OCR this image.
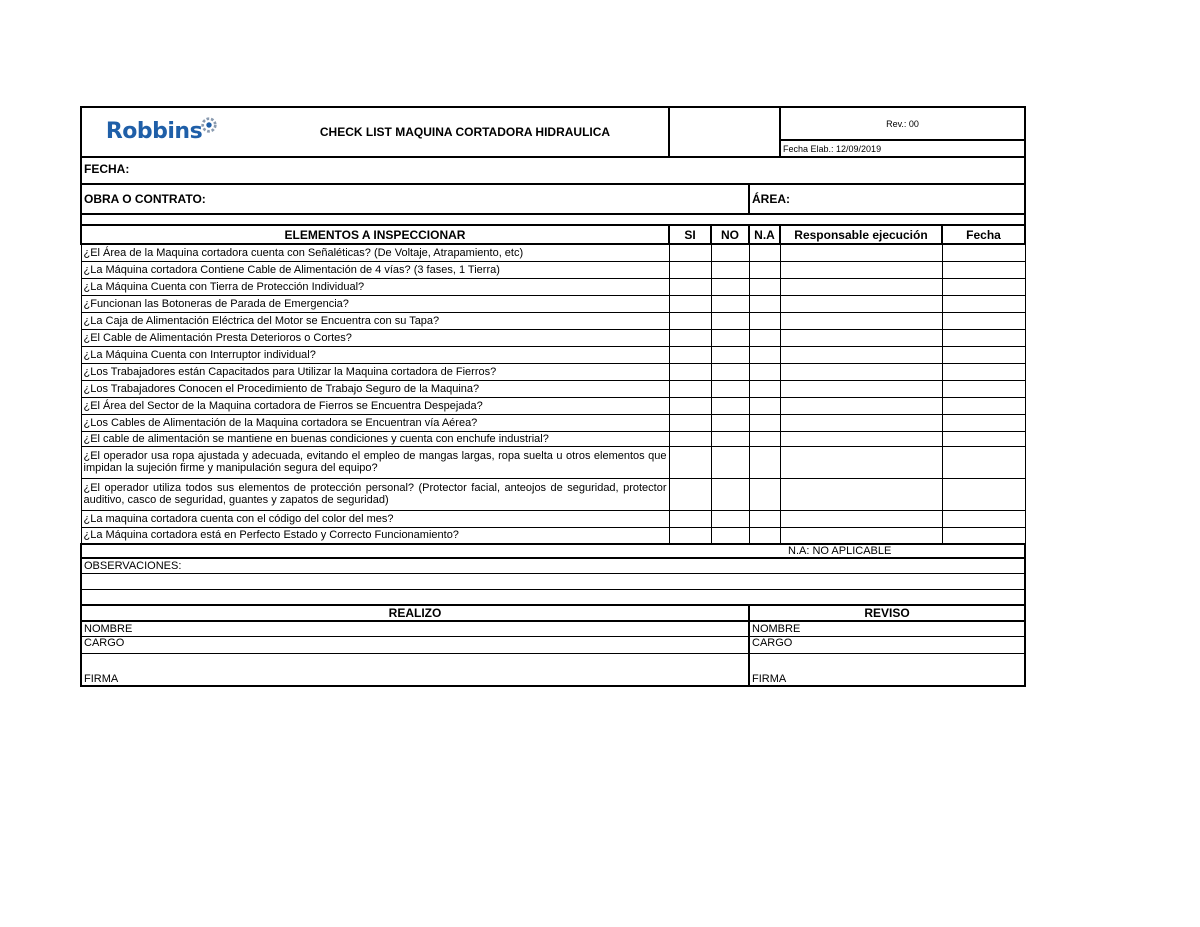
Robbins CHECK LIST MAQUINA CORTADORA HIDRAULICA				Rev.: 00	
				Fecha Elab.: 12/09/2019	
FECHA:					
OBRA O CONTRATO:			ÁREA:		

ELEMENTOS A INSPECCIONAR	SI	NO	N.A	Responsable ejecución	Fecha
¿El Área de la Maquina cortadora cuenta con Señaléticas? (De Voltaje, Atrapamiento, etc)					
¿La Máquina cortadora Contiene Cable de Alimentación de 4 vías? (3 fases, 1 Tierra)					
¿La Máquina Cuenta con Tierra de Protección Individual?					
¿Funcionan las Botoneras de Parada de Emergencia?					
¿La Caja de Alimentación Eléctrica del Motor se Encuentra con su Tapa?					
¿El Cable de Alimentación Presta Deterioros o Cortes?					
¿La Máquina Cuenta con Interruptor individual?					
¿Los Trabajadores están Capacitados para Utilizar la Maquina cortadora de Fierros?					
¿Los Trabajadores Conocen el Procedimiento de Trabajo Seguro de la Maquina?					
¿El Área del Sector de la Maquina cortadora de Fierros se Encuentra Despejada?					
¿Los Cables de Alimentación de la Maquina cortadora se Encuentran vía Aérea?					
¿El cable de alimentación se mantiene en buenas condiciones y cuenta con enchufe industrial?					
¿El operador usa ropa ajustada y adecuada, evitando el empleo de mangas largas, ropa suelta u otros elementos que impidan la sujeción firme y manipulación segura del equipo?					
¿El operador utiliza todos sus elementos de protección personal? (Protector facial, anteojos de seguridad, protector auditivo, casco de seguridad, guantes y zapatos de seguridad)					
¿La maquina cortadora cuenta con el código del color del mes?					
¿La Máquina cortadora está en Perfecto Estado y Correcto Funcionamiento?					
				N.A: NO APLICABLE	
OBSERVACIONES:					

REALIZO			REVISO		
NOMBRE			NOMBRE		
CARGO			CARGO		
FIRMA			FIRMA		
